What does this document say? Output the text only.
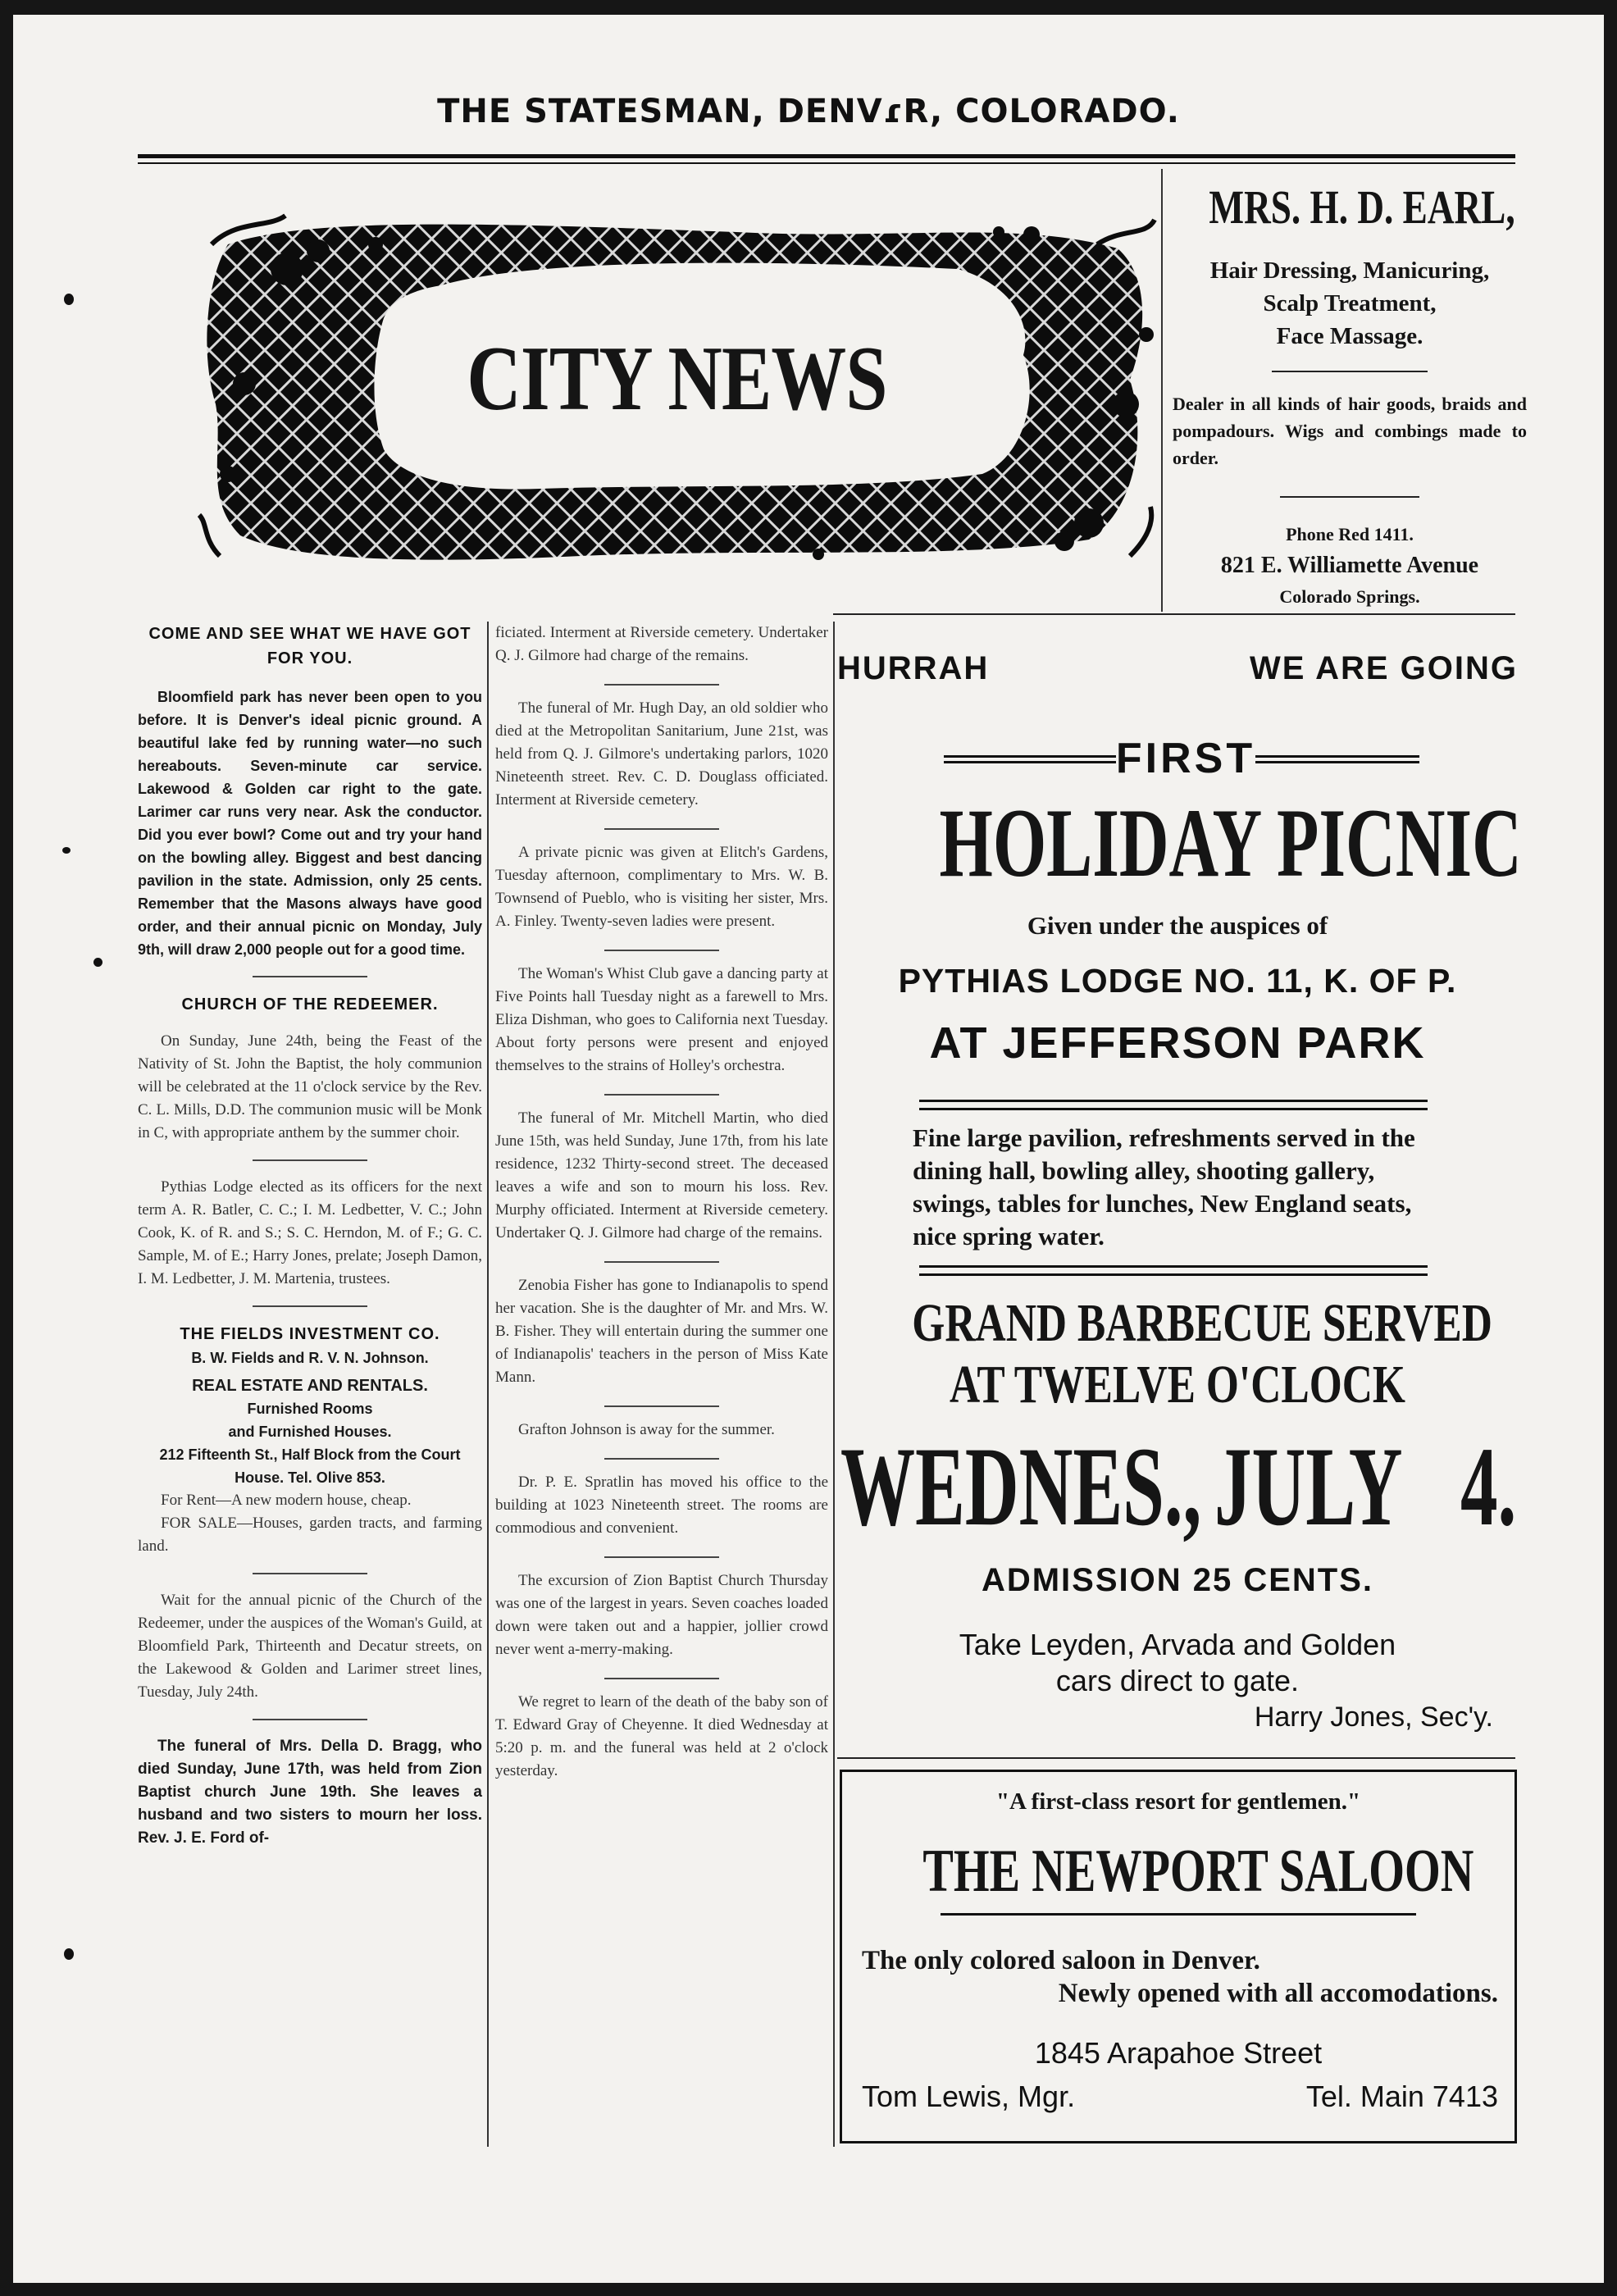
THE STATESMAN, DENVɾR, COLORADO.
CITY NEWS
MRS. H. D. EARL,
Hair Dressing, Manicuring,
Scalp Treatment,
Face Massage.
Dealer in all kinds of hair goods, braids and pompadours. Wigs and combings made to order.
Phone Red 1411.
821 E. Williamette Avenue
Colorado Springs.
COME AND SEE WHAT WE HAVE GOT FOR YOU.
Bloomfield park has never been open to you before. It is Denver's ideal picnic ground. A beautiful lake fed by running water—no such hereabouts. Seven-minute car service. Lakewood & Golden car right to the gate. Larimer car runs very near. Ask the conductor. Did you ever bowl? Come out and try your hand on the bowling alley. Biggest and best dancing pavilion in the state. Admission, only 25 cents. Remember that the Masons always have good order, and their annual picnic on Monday, July 9th, will draw 2,000 people out for a good time.
CHURCH OF THE REDEEMER.
On Sunday, June 24th, being the Feast of the Nativity of St. John the Baptist, the holy communion will be celebrated at the 11 o'clock service by the Rev. C. L. Mills, D.D. The communion music will be Monk in C, with appropriate anthem by the summer choir.
Pythias Lodge elected as its officers for the next term A. R. Batler, C. C.; I. M. Ledbetter, V. C.; John Cook, K. of R. and S.; S. C. Herndon, M. of F.; G. C. Sample, M. of E.; Harry Jones, prelate; Joseph Damon, I. M. Ledbetter, J. M. Martenia, trustees.
THE FIELDS INVESTMENT CO.
B. W. Fields and R. V. N. Johnson.
REAL ESTATE AND RENTALS.
Furnished Rooms
and Furnished Houses.
212 Fifteenth St., Half Block from the Court House. Tel. Olive 853.
For Rent—A new modern house, cheap.
FOR SALE—Houses, garden tracts, and farming land.
Wait for the annual picnic of the Church of the Redeemer, under the auspices of the Woman's Guild, at Bloomfield Park, Thirteenth and Decatur streets, on the Lakewood & Golden and Larimer street lines, Tuesday, July 24th.
The funeral of Mrs. Della D. Bragg, who died Sunday, June 17th, was held from Zion Baptist church June 19th. She leaves a husband and two sisters to mourn her loss. Rev. J. E. Ford of-

ficiated. Interment at Riverside cemetery. Undertaker Q. J. Gilmore had charge of the remains.

The funeral of Mr. Hugh Day, an old soldier who died at the Metropolitan Sanitarium, June 21st, was held from Q. J. Gilmore's undertaking parlors, 1020 Nineteenth street. Rev. C. D. Douglass officiated. Interment at Riverside cemetery.

A private picnic was given at Elitch's Gardens, Tuesday afternoon, complimentary to Mrs. W. B. Townsend of Pueblo, who is visiting her sister, Mrs. A. Finley. Twenty-seven ladies were present.

The Woman's Whist Club gave a dancing party at Five Points hall Tuesday night as a farewell to Mrs. Eliza Dishman, who goes to California next Tuesday. About forty persons were present and enjoyed themselves to the strains of Holley's orchestra.

The funeral of Mr. Mitchell Martin, who died June 15th, was held Sunday, June 17th, from his late residence, 1232 Thirty-second street. The deceased leaves a wife and son to mourn his loss. Rev. Murphy officiated. Interment at Riverside cemetery. Undertaker Q. J. Gilmore had charge of the remains.

Zenobia Fisher has gone to Indianapolis to spend her vacation. She is the daughter of Mr. and Mrs. W. B. Fisher. They will entertain during the summer one of Indianapolis' teachers in the person of Miss Kate Mann.

Grafton Johnson is away for the summer.

Dr. P. E. Spratlin has moved his office to the building at 1023 Nineteenth street. The rooms are commodious and convenient.

The excursion of Zion Baptist Church Thursday was one of the largest in years. Seven coaches loaded down were taken out and a happier, jollier crowd never went a-merry-making.

We regret to learn of the death of the baby son of T. Edward Gray of Cheyenne. It died Wednesday at 5:20 p. m. and the funeral was held at 2 o'clock yesterday.

HURRAH	WE ARE GOING
FIRST
HOLIDAY PICNIC
Given under the auspices of
PYTHIAS LODGE NO. 11, K. OF P.
AT JEFFERSON PARK
Fine large pavilion, refreshments served in the dining hall, bowling alley, shooting gallery, swings, tables for lunches, New England seats, nice spring water.
GRAND BARBECUE SERVED
AT TWELVE O'CLOCK
WEDNES., JULY 4.
ADMISSION 25 CENTS.
Take Leyden, Arvada and Golden
cars direct to gate.
Harry Jones, Sec'y.
"A first-class resort for gentlemen."
THE NEWPORT SALOON
The only colored saloon in Denver.
Newly opened with all accomodations.
1845 Arapahoe Street
Tom Lewis, Mgr.	Tel. Main 7413
